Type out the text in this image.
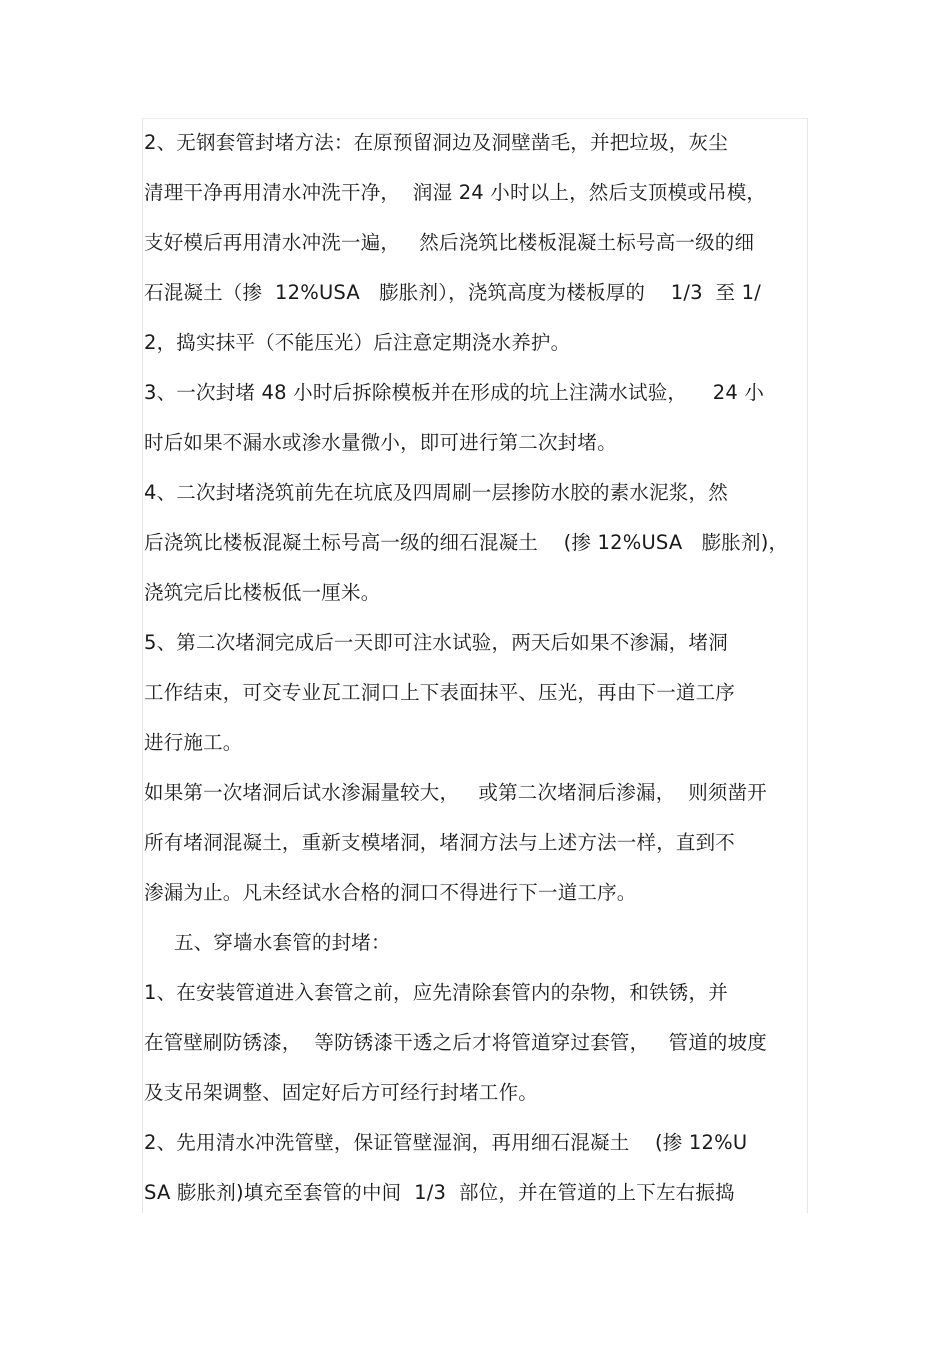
2、无钢套管封堵方法：在原预留洞边及洞壁凿毛，并把垃圾，灰尘
清理干净再用清水冲洗干净，  润湿 24 小时以上，然后支顶模或吊模，
支好模后再用清水冲洗一遍，   然后浇筑比楼板混凝土标号高一级的细
石混凝土（掺  12%USA   膨胀剂），浇筑高度为楼板厚的    1/3  至 1/
2，捣实抹平（不能压光）后注意定期浇水养护。
3、一次封堵 48 小时后拆除模板并在形成的坑上注满水试验，    24 小
时后如果不漏水或渗水量微小，即可进行第二次封堵。
4、二次封堵浇筑前先在坑底及四周刷一层掺防水胶的素水泥浆，然
后浇筑比楼板混凝土标号高一级的细石混凝土    (掺 12%USA   膨胀剂)，
浇筑完后比楼板低一厘米。
5、第二次堵洞完成后一天即可注水试验，两天后如果不渗漏，堵洞
工作结束，可交专业瓦工洞口上下表面抹平、压光，再由下一道工序
进行施工。
如果第一次堵洞后试水渗漏量较大，   或第二次堵洞后渗漏，  则须凿开
所有堵洞混凝土，重新支模堵洞，堵洞方法与上述方法一样，直到不
渗漏为止。凡未经试水合格的洞口不得进行下一道工序。
五、穿墙水套管的封堵：
1、在安装管道进入套管之前，应先清除套管内的杂物，和铁锈，并
在管壁刷防锈漆，  等防锈漆干透之后才将管道穿过套管，   管道的坡度
及支吊架调整、固定好后方可经行封堵工作。
2、先用清水冲洗管壁，保证管壁湿润，再用细石混凝土    (掺 12%U
SA 膨胀剂)填充至套管的中间  1/3  部位，并在管道的上下左右振捣
